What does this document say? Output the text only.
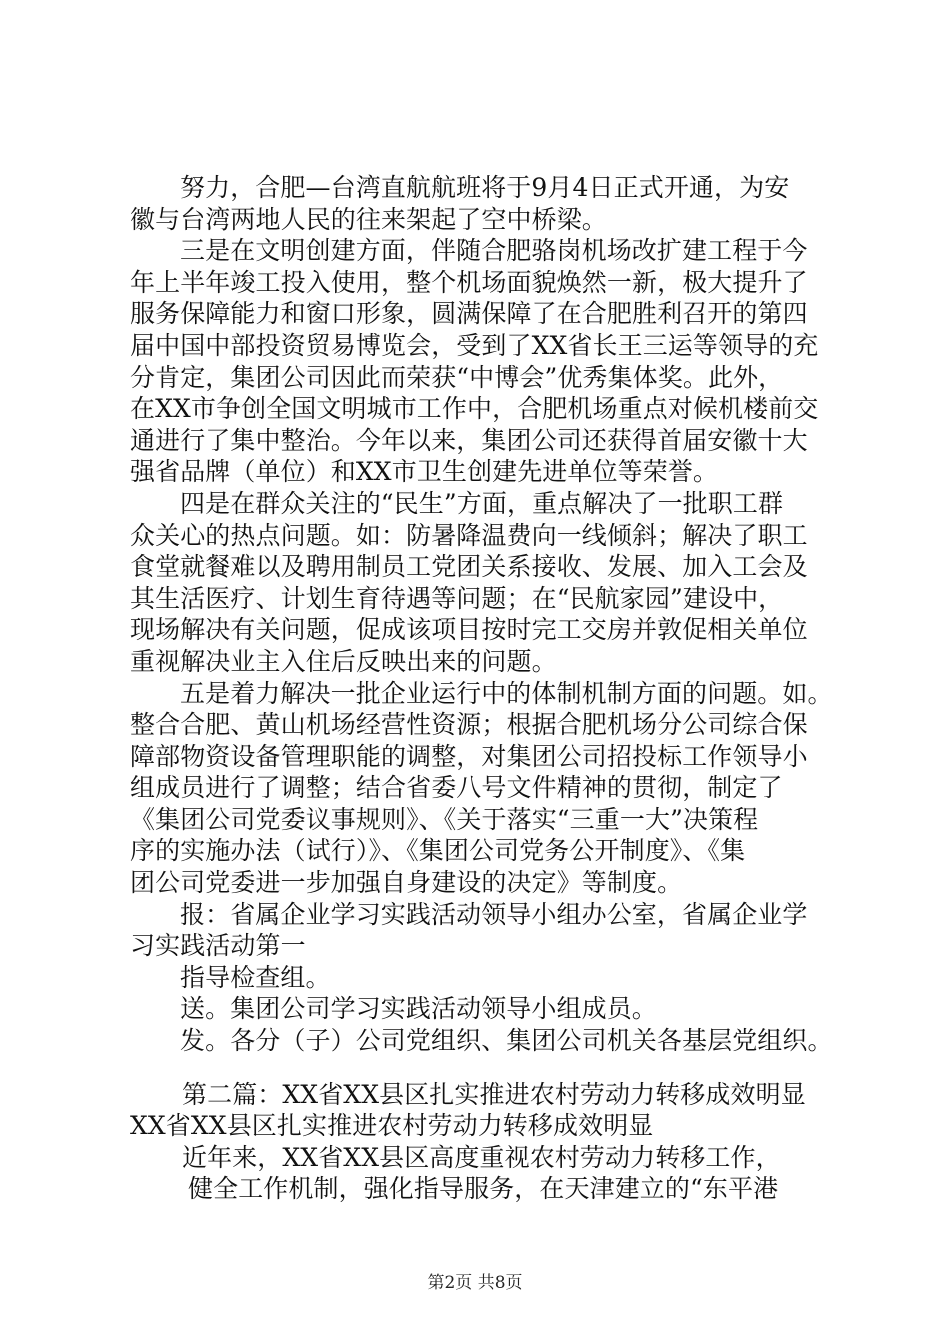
努力，合肥—台湾直航航班将于9月4日正式开通，为安
徽与台湾两地人民的往来架起了空中桥梁。
三是在文明创建方面，伴随合肥骆岗机场改扩建工程于今
年上半年竣工投入使用，整个机场面貌焕然一新，极大提升了
服务保障能力和窗口形象，圆满保障了在合肥胜利召开的第四
届中国中部投资贸易博览会，受到了XX省长王三运等领导的充
分肯定，集团公司因此而荣获“中博会”优秀集体奖。此外，
在XX市争创全国文明城市工作中，合肥机场重点对候机楼前交
通进行了集中整治。今年以来，集团公司还获得首届安徽十大
强省品牌（单位）和XX市卫生创建先进单位等荣誉。
四是在群众关注的“民生”方面，重点解决了一批职工群
众关心的热点问题。如：防暑降温费向一线倾斜；解决了职工
食堂就餐难以及聘用制员工党团关系接收、发展、加入工会及
其生活医疗、计划生育待遇等问题；在“民航家园”建设中，
现场解决有关问题，促成该项目按时完工交房并敦促相关单位
重视解决业主入住后反映出来的问题。
五是着力解决一批企业运行中的体制机制方面的问题。如。
整合合肥、黄山机场经营性资源；根据合肥机场分公司综合保
障部物资设备管理职能的调整，对集团公司招投标工作领导小
组成员进行了调整；结合省委八号文件精神的贯彻，制定了
《集团公司党委议事规则》、《关于落实“三重一大”决策程
序的实施办法（试行）》、《集团公司党务公开制度》、《集
团公司党委进一步加强自身建设的决定》等制度。
报：省属企业学习实践活动领导小组办公室，省属企业学
习实践活动第一
指导检查组。
送。集团公司学习实践活动领导小组成员。
发。各分（子）公司党组织、集团公司机关各基层党组织。
第二篇：XX省XX县区扎实推进农村劳动力转移成效明显
XX省XX县区扎实推进农村劳动力转移成效明显
近年来，XX省XX县区高度重视农村劳动力转移工作，
健全工作机制，强化指导服务，在天津建立的“东平港
第2页 共8页
